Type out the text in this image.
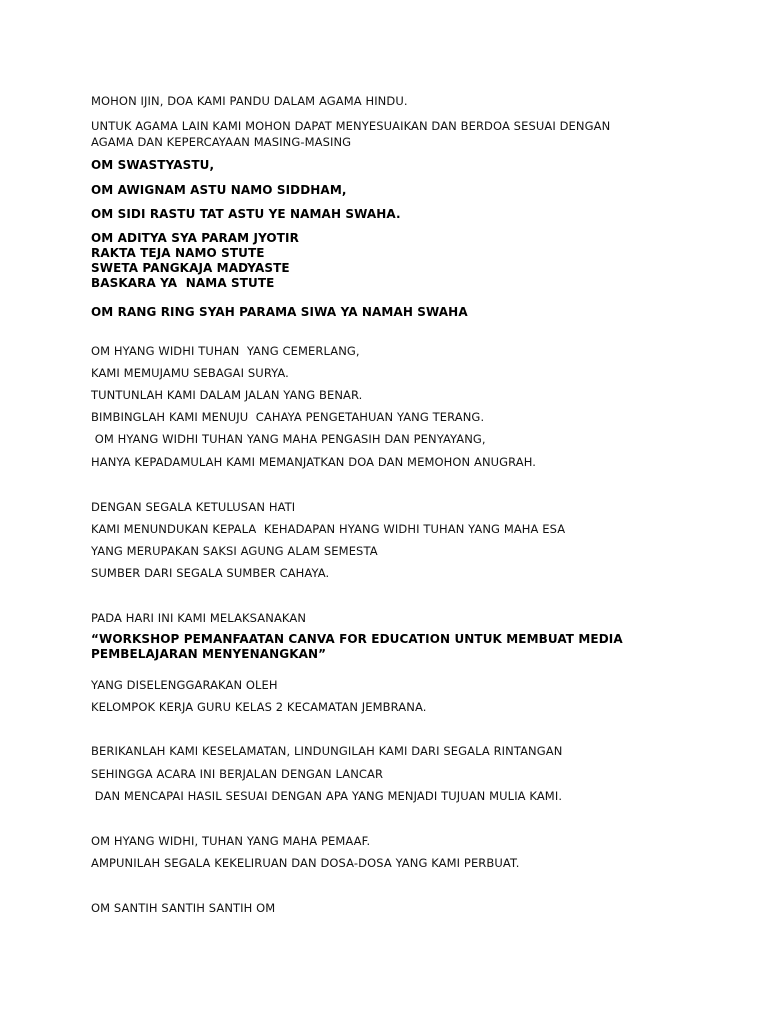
MOHON IJIN, DOA KAMI PANDU DALAM AGAMA HINDU.
UNTUK AGAMA LAIN KAMI MOHON DAPAT MENYESUAIKAN DAN BERDOA SESUAI DENGAN
AGAMA DAN KEPERCAYAAN MASING-MASING
OM SWASTYASTU,
OM AWIGNAM ASTU NAMO SIDDHAM,
OM SIDI RASTU TAT ASTU YE NAMAH SWAHA.
OM ADITYA SYA PARAM JYOTIR
RAKTA TEJA NAMO STUTE
SWETA PANGKAJA MADYASTE
BASKARA YA  NAMA STUTE
OM RANG RING SYAH PARAMA SIWA YA NAMAH SWAHA
OM HYANG WIDHI TUHAN  YANG CEMERLANG,
KAMI MEMUJAMU SEBAGAI SURYA.
TUNTUNLAH KAMI DALAM JALAN YANG BENAR.
BIMBINGLAH KAMI MENUJU  CAHAYA PENGETAHUAN YANG TERANG.
OM HYANG WIDHI TUHAN YANG MAHA PENGASIH DAN PENYAYANG,
HANYA KEPADAMULAH KAMI MEMANJATKAN DOA DAN MEMOHON ANUGRAH.
DENGAN SEGALA KETULUSAN HATI
KAMI MENUNDUKAN KEPALA  KEHADAPAN HYANG WIDHI TUHAN YANG MAHA ESA
YANG MERUPAKAN SAKSI AGUNG ALAM SEMESTA
SUMBER DARI SEGALA SUMBER CAHAYA.
PADA HARI INI KAMI MELAKSANAKAN
“WORKSHOP PEMANFAATAN CANVA FOR EDUCATION UNTUK MEMBUAT MEDIA
PEMBELAJARAN MENYENANGKAN”
YANG DISELENGGARAKAN OLEH
KELOMPOK KERJA GURU KELAS 2 KECAMATAN JEMBRANA.
BERIKANLAH KAMI KESELAMATAN, LINDUNGILAH KAMI DARI SEGALA RINTANGAN
SEHINGGA ACARA INI BERJALAN DENGAN LANCAR
DAN MENCAPAI HASIL SESUAI DENGAN APA YANG MENJADI TUJUAN MULIA KAMI.
OM HYANG WIDHI, TUHAN YANG MAHA PEMAAF.
AMPUNILAH SEGALA KEKELIRUAN DAN DOSA-DOSA YANG KAMI PERBUAT.
OM SANTIH SANTIH SANTIH OM
